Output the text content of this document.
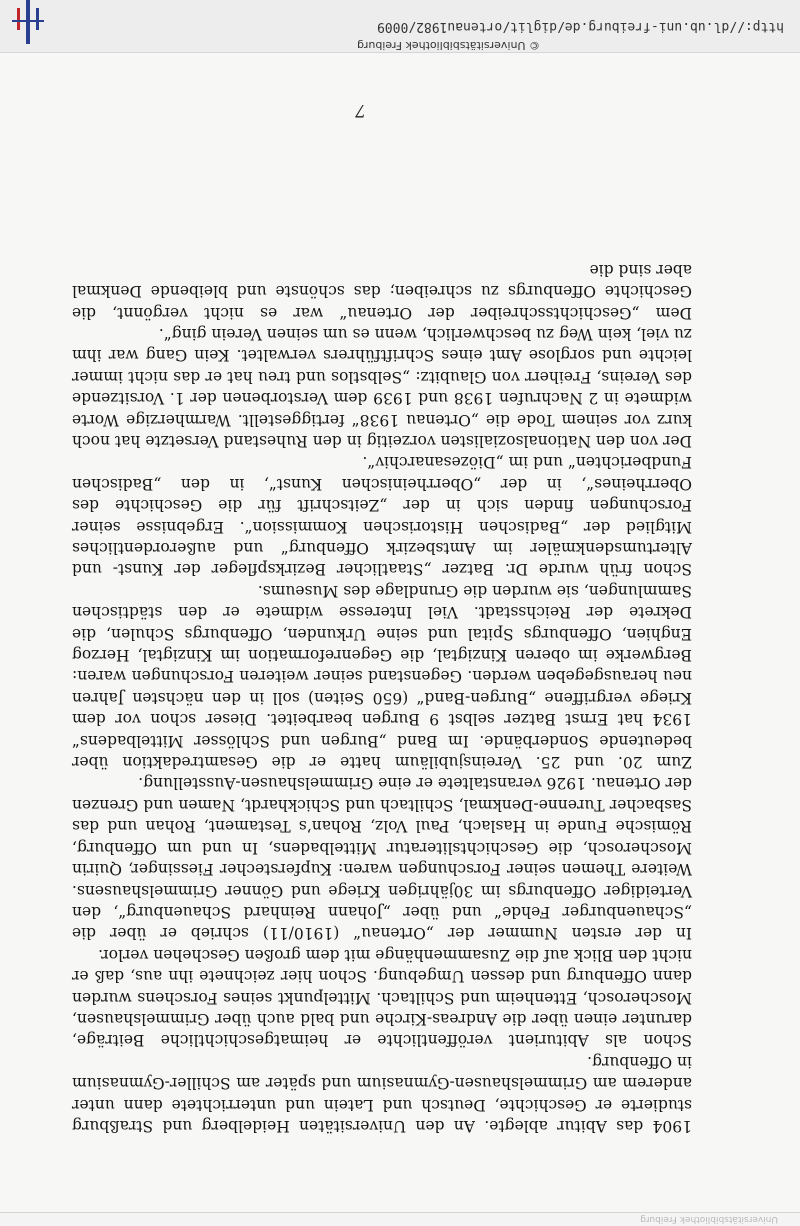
Universitätsbibliothek Freiburg

1904 das Abitur ablegte. An den Universitäten Heidelberg und Straßburg studierte er Geschichte, Deutsch und Latein und unterrichtete dann unter anderem am Grimmelshausen-Gymnasium und später am Schiller-Gymnasium in Offenburg.

Schon als Abiturient veröffentlichte er heimatgeschichtliche Beiträge, darunter einen über die Andreas-Kirche und bald auch über Grimmelshausen, Moscherosch, Ettenheim und Schiltach. Mittelpunkt seines Forschens wurden dann Offenburg und dessen Umgebung. Schon hier zeichnete ihn aus, daß er nicht den Blick auf die Zusammenhänge mit dem großen Geschehen verlor.

In der ersten Nummer der „Ortenau“ (1910/11) schrieb er über die „Schauenburger Fehde“ und über „Johann Reinhard Schauenburg“, den Verteidiger Offenburgs im 30jährigen Kriege und Gönner Grimmelshausens. Weitere Themen seiner Forschungen waren: Kupferstecher Fiessinger, Quirin Moscherosch, die Geschichtsliteratur Mittelbadens, In und um Offenburg, Römische Funde in Haslach, Paul Volz, Rohan’s Testament, Rohan und das Sasbacher Turenne-Denkmal, Schiltach und Schickhardt, Namen und Grenzen der Ortenau. 1926 veranstaltete er eine Grimmelshausen-Ausstellung.

Zum 20. und 25. Vereinsjubiläum hatte er die Gesamtredaktion über bedeutende Sonderbände. Im Band „Burgen und Schlösser Mittelbadens“ 1934 hat Ernst Batzer selbst 9 Burgen bearbeitet. Dieser schon vor dem Kriege vergriffene „Burgen-Band“ (650 Seiten) soll in den nächsten Jahren neu herausgegeben werden. Gegenstand seiner weiteren Forschungen waren: Bergwerke im oberen Kinzigtal, die Gegenreformation im Kinzigtal, Herzog Enghien, Offenburgs Spital und seine Urkunden, Offenburgs Schulen, die Dekrete der Reichsstadt. Viel Interesse widmete er den städtischen Sammlungen, sie wurden die Grundlage des Museums.

Schon früh wurde Dr. Batzer „Staatlicher Bezirkspfleger der Kunst- und Altertumsdenkmäler im Amtsbezirk Offenburg“ und außerordentliches Mitglied der „Badischen Historischen Kommission“. Ergebnisse seiner Forschungen finden sich in der „Zeitschrift für die Geschichte des Oberrheines“, in der „Oberrheinischen Kunst“, in den „Badischen Fundberichten“ und im „Diözesanarchiv“.

Der von den Nationalsozialisten vorzeitig in den Ruhestand Versetzte hat noch kurz vor seinem Tode die „Ortenau 1938“ fertiggestellt. Warmherzige Worte widmete in 2 Nachrufen 1938 und 1939 dem Verstorbenen der 1. Vorsitzende des Vereins, Freiherr von Glaubitz: „Selbstlos und treu hat er das nicht immer leichte und sorglose Amt eines Schriftführers verwaltet. Kein Gang war ihm zu viel, kein Weg zu beschwerlich, wenn es um seinen Verein ging“.

Dem „Geschichtsschreiber der Ortenau“ war es nicht vergönnt, die Geschichte Offenburgs zu schreiben; das schönste und bleibende Denkmal aber sind die

7
http://dl.ub.uni-freiburg.de/diglit/ortenau1982/0009
© Universitätsbibliothek Freiburg
